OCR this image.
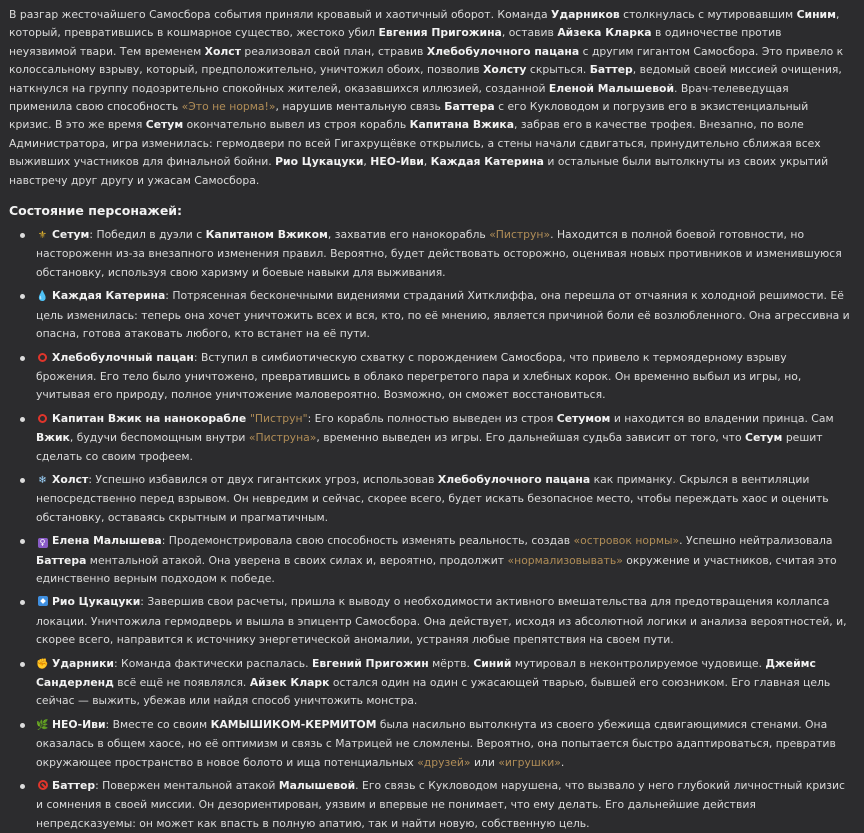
В разгар жесточайшего Самосбора события приняли кровавый и хаотичный оборот. Команда Ударников столкнулась с мутировавшим Синим, который, превратившись в кошмарное существо, жестоко убил Евгения Пригожина, оставив Айзека Кларка в одиночестве против неуязвимой твари. Тем временем Холст реализовал свой план, стравив Хлебобулочного пацана с другим гигантом Самосбора. Это привело к колоссальному взрыву, который, предположительно, уничтожил обоих, позволив Холсту скрыться. Баттер, ведомый своей миссией очищения, наткнулся на группу подозрительно спокойных жителей, оказавшихся иллюзией, созданной Еленой Малышевой. Врач-телеведущая применила свою способность «Это не норма!», нарушив ментальную связь Баттера с его Кукловодом и погрузив его в экзистенциальный кризис. В это же время Сетум окончательно вывел из строя корабль Капитана Вжика, забрав его в качестве трофея. Внезапно, по воле Администратора, игра изменилась: гермодвери по всей Гигахрущёвке открылись, а стены начали сдвигаться, принудительно сближая всех выживших участников для финальной бойни. Рио Цукацуки, НЕО-Иви, Каждая Катерина и остальные были вытолкнуты из своих укрытий навстречу друг другу и ужасам Самосбора.

Состояние персонажей:
⚜ Сетум: Победил в дуэли с Капитаном Вжиком, захватив его нанокорабль «Пиструн». Находится в полной боевой готовности, но настороженн из-за внезапного изменения правил. Вероятно, будет действовать осторожно, оценивая новых противников и изменившуюся обстановку, используя свою харизму и боевые навыки для выживания.
💧 Каждая Катерина: Потрясенная бесконечными видениями страданий Хитклиффа, она перешла от отчаяния к холодной решимости. Её цель изменилась: теперь она хочет уничтожить всех и вся, кто, по её мнению, является причиной боли её возлюбленного. Она агрессивна и опасна, готова атаковать любого, кто встанет на её пути.
Хлебобулочный пацан: Вступил в симбиотическую схватку с порождением Самосбора, что привело к термоядерному взрыву брожения. Его тело было уничтожено, превратившись в облако перегретого пара и хлебных корок. Он временно выбыл из игры, но, учитывая его природу, полное уничтожение маловероятно. Возможно, он сможет восстановиться.
Капитан Вжик на нанокорабле "Пиструн": Его корабль полностью выведен из строя Сетумом и находится во владении принца. Сам Вжик, будучи беспомощным внутри «Пиструна», временно выведен из игры. Его дальнейшая судьба зависит от того, что Сетум решит сделать со своим трофеем.
❄ Холст: Успешно избавился от двух гигантских угроз, использовав Хлебобулочного пацана как приманку. Скрылся в вентиляции непосредственно перед взрывом. Он невредим и сейчас, скорее всего, будет искать безопасное место, чтобы переждать хаос и оценить обстановку, оставаясь скрытным и прагматичным.
♀ Елена Малышева: Продемонстрировала свою способность изменять реальность, создав «островок нормы». Успешно нейтрализовала Баттера ментальной атакой. Она уверена в своих силах и, вероятно, продолжит «нормализовывать» окружение и участников, считая это единственно верным подходом к победе.
Рио Цукацуки: Завершив свои расчеты, пришла к выводу о необходимости активного вмешательства для предотвращения коллапса локации. Уничтожила гермодверь и вышла в эпицентр Самосбора. Она действует, исходя из абсолютной логики и анализа вероятностей, и, скорее всего, направится к источнику энергетической аномалии, устраняя любые препятствия на своем пути.
✊ Ударники: Команда фактически распалась. Евгений Пригожин мёртв. Синий мутировал в неконтролируемое чудовище. Джеймс Сандерленд всё ещё не появлялся. Айзек Кларк остался один на один с ужасающей тварью, бывшей его союзником. Его главная цель сейчас — выжить, убежав или найдя способ уничтожить монстра.
🌿 НЕО-Иви: Вместе со своим КАМЫШИКОМ-КЕРМИТОМ была насильно вытолкнута из своего убежища сдвигающимися стенами. Она оказалась в общем хаосе, но её оптимизм и связь с Матрицей не сломлены. Вероятно, она попытается быстро адаптироваться, превратив окружающее пространство в новое болото и ища потенциальных «друзей» или «игрушки».
Баттер: Повержен ментальной атакой Малышевой. Его связь с Кукловодом нарушена, что вызвало у него глубокий личностный кризис и сомнения в своей миссии. Он дезориентирован, уязвим и впервые не понимает, что ему делать. Его дальнейшие действия непредсказуемы: он может как впасть в полную апатию, так и найти новую, собственную цель.
